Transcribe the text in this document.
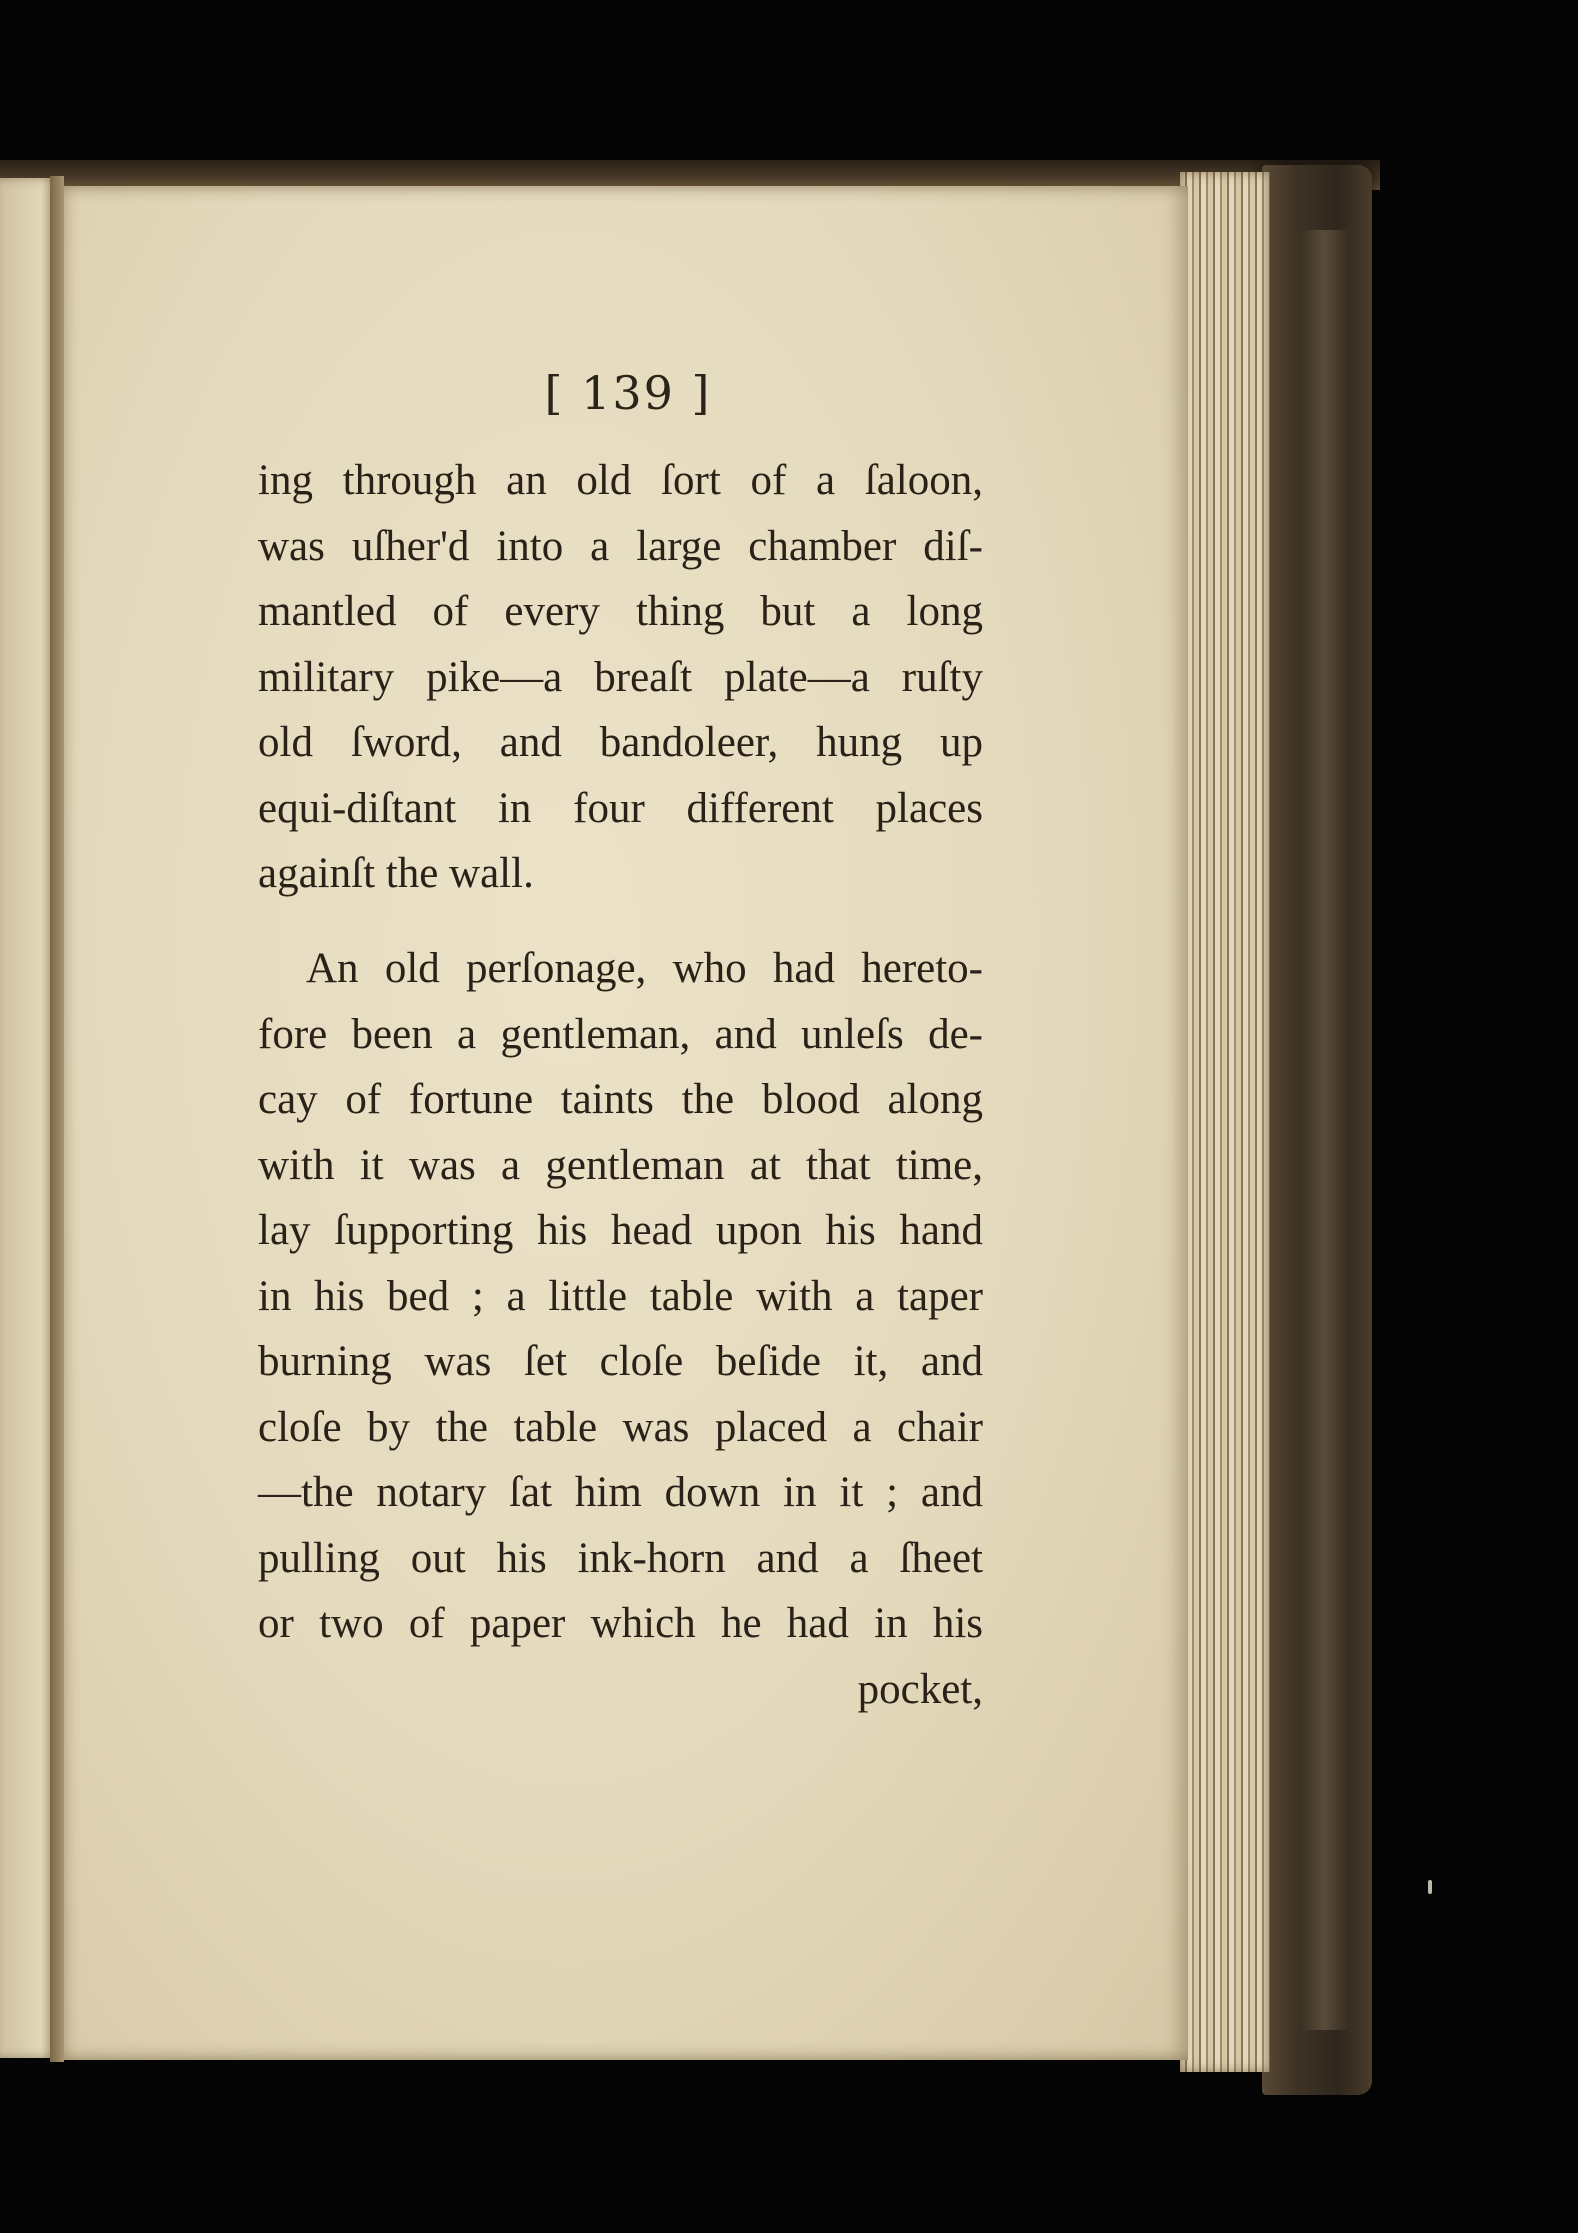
[ 139 ]
ing through an old ſort of a ſaloon,
was uſher'd into a large chamber diſ-
mantled of every thing but a long
military pike—a breaſt plate—a ruſty
old ſword, and bandoleer, hung up
equi-diſtant in four different places
againſt the wall.
An old perſonage, who had hereto-
fore been a gentleman, and unleſs de-
cay of fortune taints the blood along
with it was a gentleman at that time,
lay ſupporting his head upon his hand
in his bed ; a little table with a taper
burning was ſet cloſe beſide it, and
cloſe by the table was placed a chair
—the notary ſat him down in it ; and
pulling out his ink-horn and a ſheet
or two of paper which he had in his
pocket,
